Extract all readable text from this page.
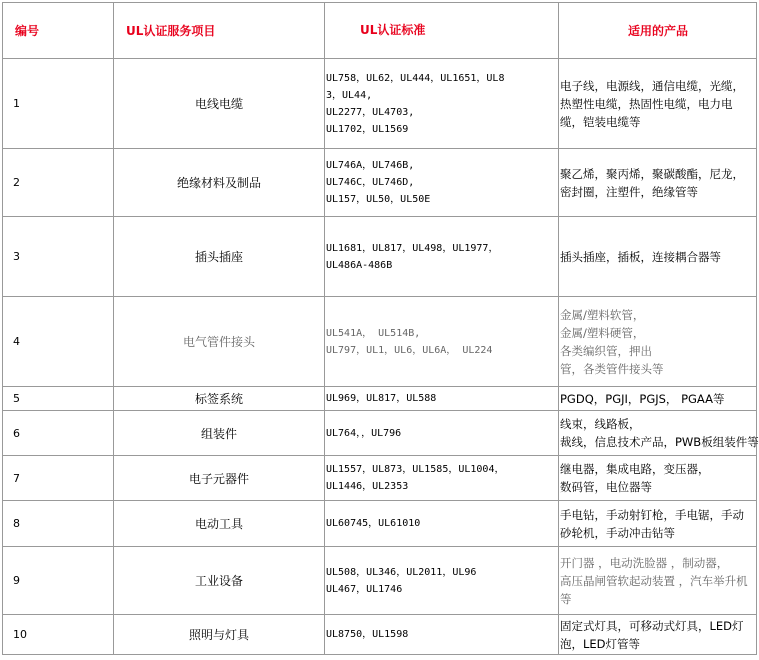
编号	UL认证服务项目	UL认证标准	适用的产品
1	电线电缆	UL758，UL62，UL444，UL1651，UL8
3，UL44,
UL2277，UL4703,
UL1702，UL1569	电子线，电源线，通信电缆，光缆，
热塑性电缆，热固性电缆，电力电
缆，铠装电缆等

2	绝缘材料及制品	UL746A，UL746B,
UL746C，UL746D,
UL157，UL50，UL50E	聚乙烯，聚丙烯，聚碳酸酯，尼龙，
密封圈，注塑件，绝缘管等

3	插头插座	UL1681，UL817，UL498，UL1977，
UL486A-486B	插头插座，插板，连接耦合器等

4	电气管件接头	UL541A， UL514B,
UL797，UL1，UL6，UL6A， UL224	金属/塑料软管，
金属/塑料硬管，
各类编织管，押出
管，各类管件接头等

5	标签系统	UL969，UL817，UL588	PGDQ，PGJI，PGJS， PGAA等

6	组装件	UL764，，UL796	线束，线路板，
裁线，信息技术产品，PWB板组装件等

7	电子元器件	UL1557，UL873，UL1585，UL1004，
UL1446，UL2353	继电器，集成电路，变压器，
数码管，电位器等

8	电动工具	UL60745，UL61010	手电钻，手动射钉枪，手电锯，手动
砂轮机，手动冲击钻等

9	工业设备	UL508，UL346，UL2011，UL96
UL467，UL1746	开门器 ，电动洗脸器 ，制动器，
高压晶闸管软起动装置 ，汽车举升机
等

10	照明与灯具	UL8750，UL1598	固定式灯具，可移动式灯具，LED灯
泡，LED灯管等
